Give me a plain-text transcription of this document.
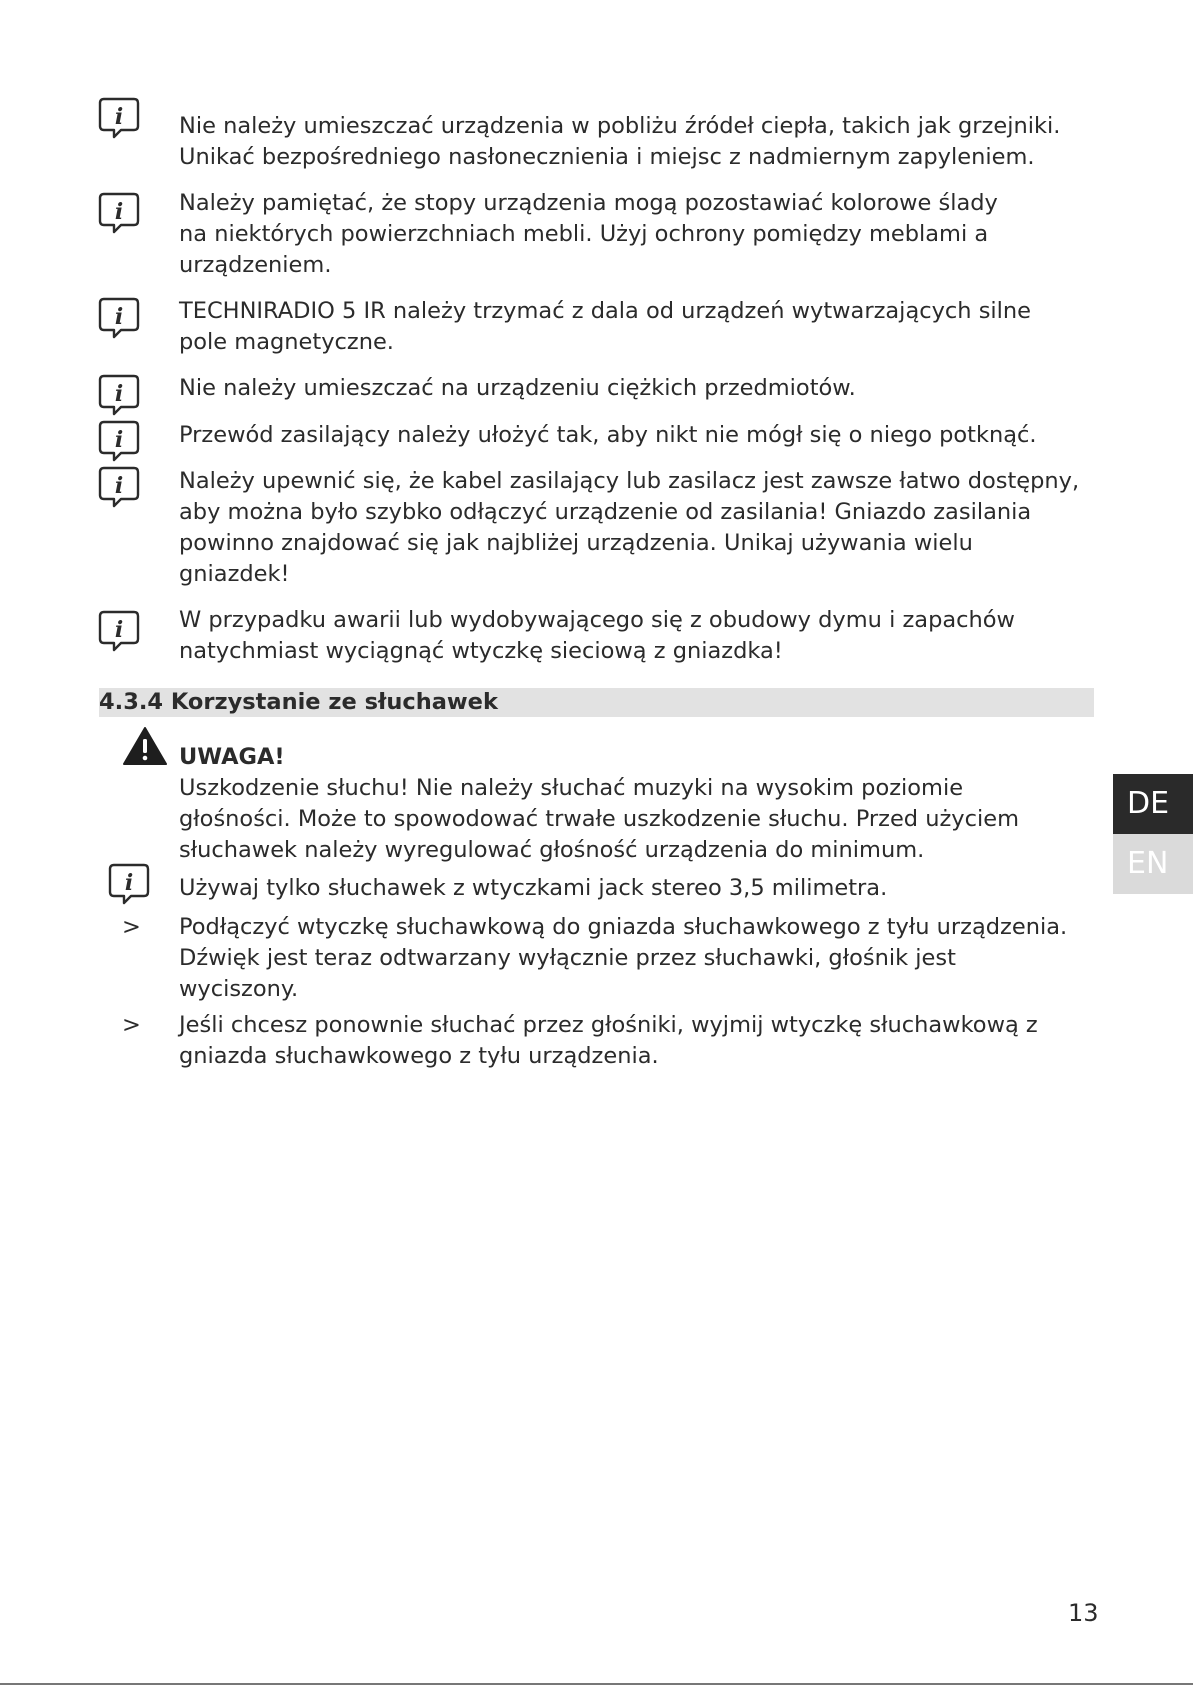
i Nie należy umieszczać urządzenia w pobliżu źródeł ciepła, takich jak grzejniki.
Unikać bezpośredniego nasłonecznienia i miejsc z nadmiernym zapyleniem.
i Należy pamiętać, że stopy urządzenia mogą pozostawiać kolorowe ślady
na niektórych powierzchniach mebli. Użyj ochrony pomiędzy meblami a
urządzeniem.
i TECHNIRADIO 5 IR należy trzymać z dala od urządzeń wytwarzających silne
pole magnetyczne.
i Nie należy umieszczać na urządzeniu ciężkich przedmiotów.
i Przewód zasilający należy ułożyć tak, aby nikt nie mógł się o niego potknąć.
i Należy upewnić się, że kabel zasilający lub zasilacz jest zawsze łatwo dostępny,
aby można było szybko odłączyć urządzenie od zasilania! Gniazdo zasilania
powinno znajdować się jak najbliżej urządzenia. Unikaj używania wielu
gniazdek!
i W przypadku awarii lub wydobywającego się z obudowy dymu i zapachów
natychmiast wyciągnąć wtyczkę sieciową z gniazdka!
4.3.4 Korzystanie ze słuchawek
UWAGA!
Uszkodzenie słuchu! Nie należy słuchać muzyki na wysokim poziomie
głośności. Może to spowodować trwałe uszkodzenie słuchu. Przed użyciem
słuchawek należy wyregulować głośność urządzenia do minimum.
i Używaj tylko słuchawek z wtyczkami jack stereo 3,5 milimetra.
> Podłączyć wtyczkę słuchawkową do gniazda słuchawkowego z tyłu urządzenia.
Dźwięk jest teraz odtwarzany wyłącznie przez słuchawki, głośnik jest
wyciszony.
> Jeśli chcesz ponownie słuchać przez głośniki, wyjmij wtyczkę słuchawkową z
gniazda słuchawkowego z tyłu urządzenia.
DE
EN
13
